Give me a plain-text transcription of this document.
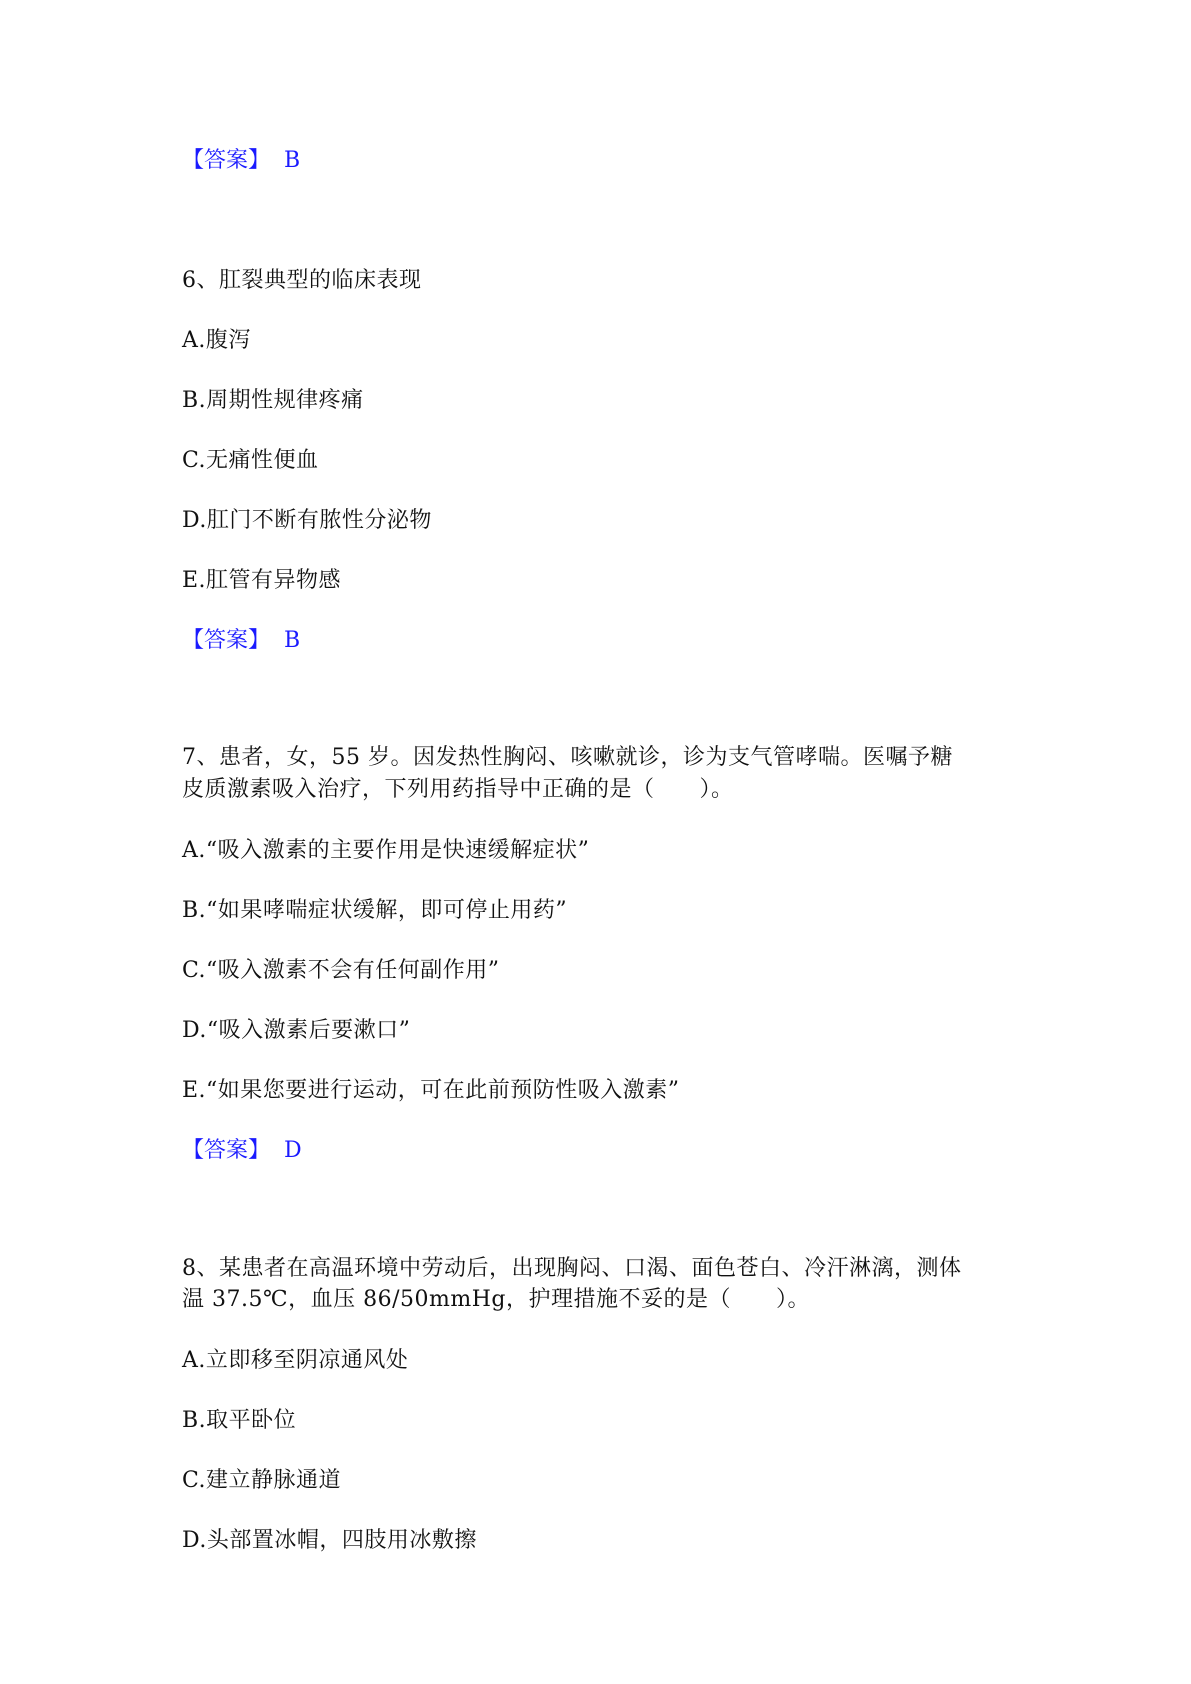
【答案】 B
6、肛裂典型的临床表现
A.腹泻
B.周期性规律疼痛
C.无痛性便血
D.肛门不断有脓性分泌物
E.肛管有异物感
【答案】 B
7、患者，女，55 岁。因发热性胸闷、咳嗽就诊，诊为支气管哮喘。医嘱予糖
皮质激素吸入治疗，下列用药指导中正确的是（　　）。
A.“吸入激素的主要作用是快速缓解症状”
B.“如果哮喘症状缓解，即可停止用药”
C.“吸入激素不会有任何副作用”
D.“吸入激素后要漱口”
E.“如果您要进行运动，可在此前预防性吸入激素”
【答案】 D
8、某患者在高温环境中劳动后，出现胸闷、口渴、面色苍白、冷汗淋漓，测体
温 37.5℃，血压 86/50mmHg，护理措施不妥的是（　　）。
A.立即移至阴凉通风处
B.取平卧位
C.建立静脉通道
D.头部置冰帽，四肢用冰敷擦
